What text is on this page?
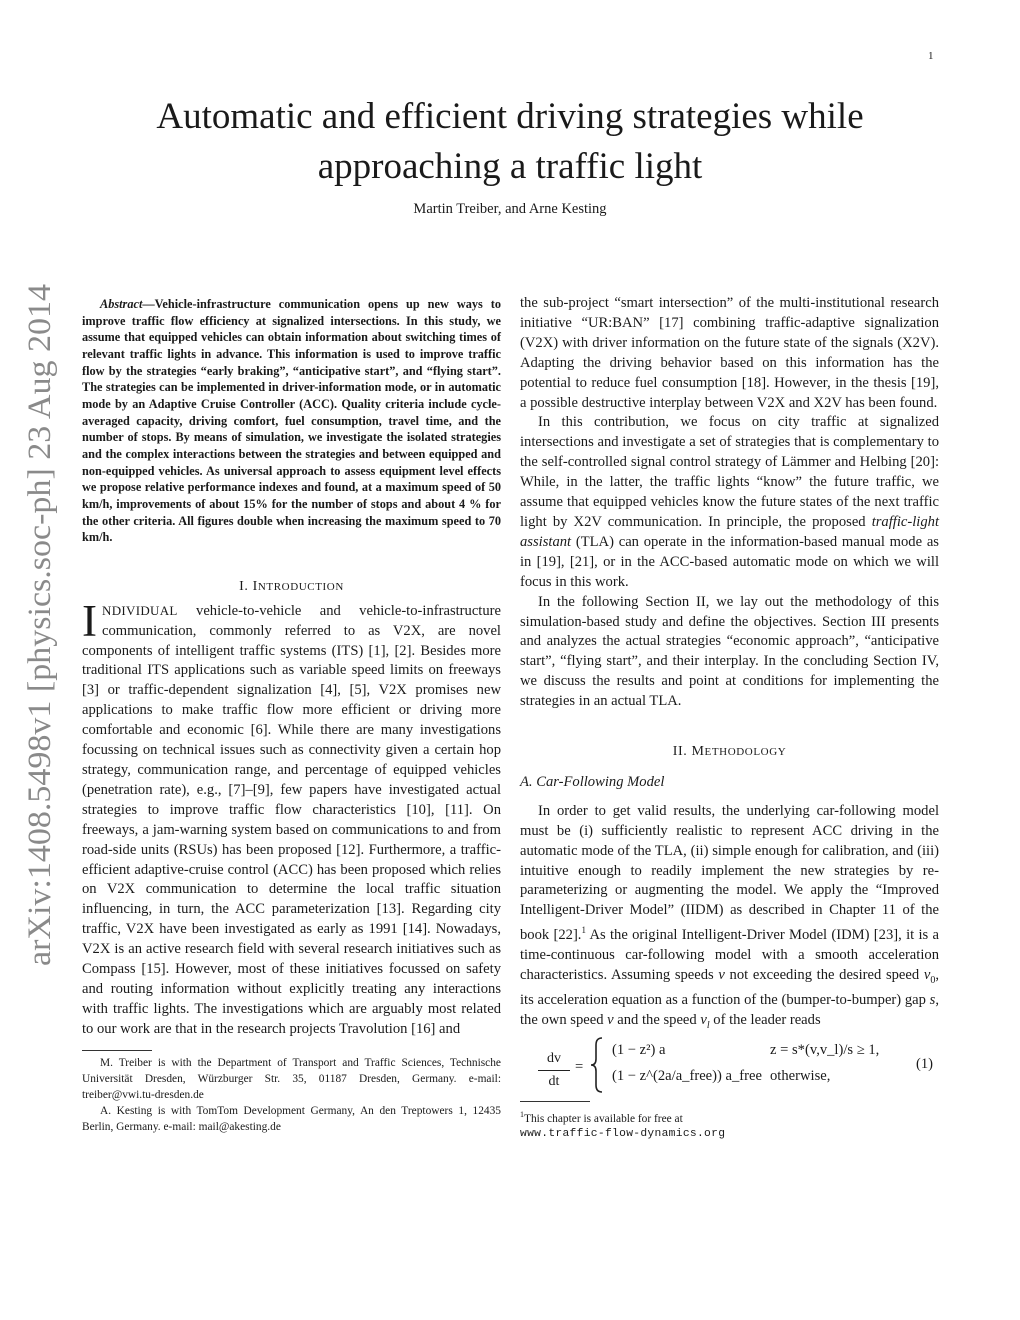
1
Automatic and efficient driving strategies while
approaching a traffic light
Martin Treiber, and Arne Kesting
arXiv:1408.5498v1 [physics.soc-ph] 23 Aug 2014
Abstract—Vehicle-infrastructure communication opens up new ways to improve traffic flow efficiency at signalized intersections. In this study, we assume that equipped vehicles can obtain information about switching times of relevant traffic lights in advance. This information is used to improve traffic flow by the strategies “early braking”, “anticipative start”, and “flying start”. The strategies can be implemented in driver-information mode, or in automatic mode by an Adaptive Cruise Controller (ACC). Quality criteria include cycle-averaged capacity, driving comfort, fuel consumption, travel time, and the number of stops. By means of simulation, we investigate the isolated strategies and the complex interactions between the strategies and between equipped and non-equipped vehicles. As universal approach to assess equipment level effects we propose relative performance indexes and found, at a maximum speed of 50 km/h, improvements of about 15% for the number of stops and about 4 % for the other criteria. All figures double when increasing the maximum speed to 70 km/h.
I. INTRODUCTION

INDIVIDUAL vehicle-to-vehicle and vehicle-to-infrastructure communication, commonly referred to as V2X, are novel components of intelligent traffic systems (ITS) [1], [2]. Besides more traditional ITS applications such as variable speed limits on freeways [3] or traffic-dependent signalization [4], [5], V2X promises new applications to make traffic flow more efficient or driving more comfortable and economic [6]. While there are many investigations focussing on technical issues such as connectivity given a certain hop strategy, communication range, and percentage of equipped vehicles (penetration rate), e.g., [7]–[9], few papers have investigated actual strategies to improve traffic flow characteristics [10], [11]. On freeways, a jam-warning system based on communications to and from road-side units (RSUs) has been proposed [12]. Furthermore, a traffic-efficient adaptive-cruise control (ACC) has been proposed which relies on V2X communication to determine the local traffic situation influencing, in turn, the ACC parameterization [13]. Regarding city traffic, V2X have been investigated as early as 1991 [14]. Nowadays, V2X is an active research field with several research initiatives such as Compass [15]. However, most of these initiatives focussed on safety and routing information without explicitly treating any interactions with traffic lights. The investigations which are arguably most related to our work are that in the research projects Travolution [16] and

M. Treiber is with the Department of Transport and Traffic Sciences, Technische Universität Dresden, Würzburger Str. 35, 01187 Dresden, Germany. e-mail: treiber@vwi.tu-dresden.de

A. Kesting is with TomTom Development Germany, An den Treptowers 1, 12435 Berlin, Germany. e-mail: mail@akesting.de

the sub-project “smart intersection” of the multi-institutional research initiative “UR:BAN” [17] combining traffic-adaptive signalization (V2X) with driver information on the future state of the signals (X2V). Adapting the driving behavior based on this information has the potential to reduce fuel consumption [18]. However, in the thesis [19], a possible destructive interplay between V2X and X2V has been found.

In this contribution, we focus on city traffic at signalized intersections and investigate a set of strategies that is complementary to the self-controlled signal control strategy of Lämmer and Helbing [20]: While, in the latter, the traffic lights “know” the future traffic, we assume that equipped vehicles know the future states of the next traffic light by X2V communication. In principle, the proposed traffic-light assistant (TLA) can operate in the information-based manual mode as in [19], [21], or in the ACC-based automatic mode on which we will focus in this work.

In the following Section II, we lay out the methodology of this simulation-based study and define the objectives. Section III presents and analyzes the actual strategies “economic approach”, “anticipative start”, “flying start”, and their interplay. In the concluding Section IV, we discuss the results and point at conditions for implementing the strategies in an actual TLA.

II. METHODOLOGY

A. Car-Following Model

In order to get valid results, the underlying car-following model must be (i) sufficiently realistic to represent ACC driving in the automatic mode of the TLA, (ii) simple enough for calibration, and (iii) intuitive enough to readily implement the new strategies by re-parameterizing or augmenting the model. We apply the “Improved Intelligent-Driver Model” (IIDM) as described in Chapter 11 of the book [22].$^1$ As the original Intelligent-Driver Model (IDM) [23], it is a time-continuous car-following model with a smooth acceleration characteristics. Assuming speeds v not exceeding the desired speed $v_0$, its acceleration equation as a function of the (bumper-to-bumper) gap s, the own speed v and the speed $v_l$ of the leader reads

dv
dt
=
(1 − z²) a	z = s*(v,v_l)/s ≥ 1,
(1 − z^(2a/a_free)) a_free otherwise,
(1)

$^1$This chapter is available for free at

www.traffic-flow-dynamics.org
